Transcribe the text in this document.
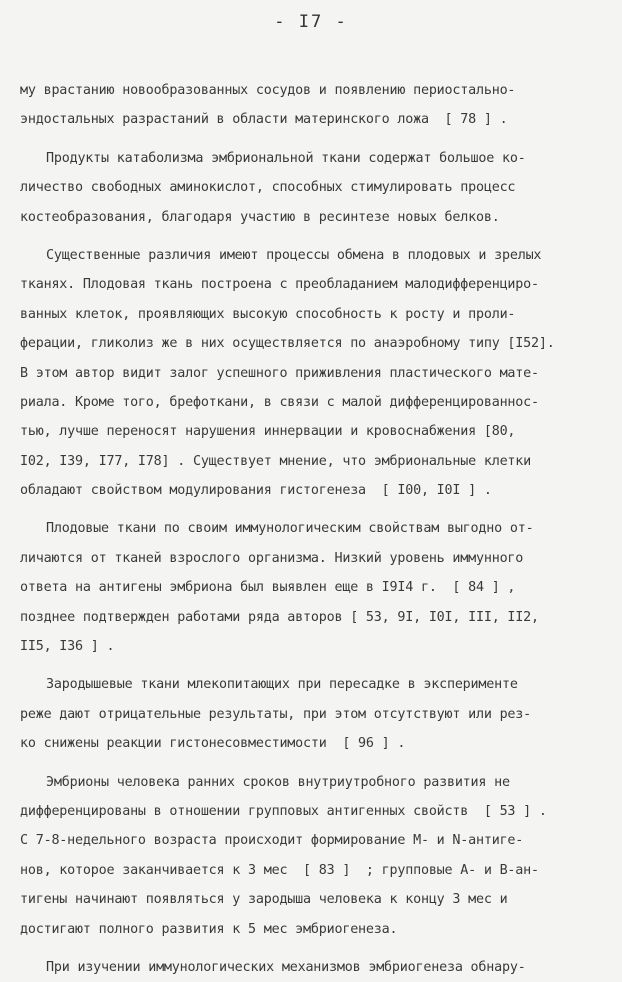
- I7 -
му врастанию новообразованных сосудов и появлению периостально-
эндостальных разрастаний в области материнского ложа  [ 78 ] .
Продукты катаболизма эмбриональной ткани содержат большое ко-
личество свободных аминокислот, способных стимулировать процесс
костеобразования, благодаря участию в ресинтезе новых белков.
Существенные различия имеют процессы обмена в плодовых и зрелых
тканях. Плодовая ткань построена с преобладанием малодифференциро-
ванных клеток, проявляющих высокую способность к росту и проли-
ферации, гликолиз же в них осуществляется по анаэробному типу [I52].
В этом автор видит залог успешного приживления пластического мате-
риала. Кроме того, брефоткани, в связи с малой дифференцированнос-
тью, лучше переносят нарушения иннервации и кровоснабжения [80,
I02, I39, I77, I78] . Существует мнение, что эмбриональные клетки
обладают свойством модулирования гистогенеза  [ I00, I0I ] .
Плодовые ткани по своим иммунологическим свойствам выгодно от-
личаются от тканей взрослого организма. Низкий уровень иммунного
ответа на антигены эмбриона был выявлен еще в I9I4 г.  [ 84 ] ,
позднее подтвержден работами ряда авторов [ 53, 9I, I0I, III, II2,
II5, I36 ] .
Зародышевые ткани млекопитающих при пересадке в эксперименте
реже дают отрицательные результаты, при этом отсутствуют или рез-
ко снижены реакции гистонесовместимости  [ 96 ] .
Эмбрионы человека ранних сроков внутриутробного развития не
дифференцированы в отношении групповых антигенных свойств  [ 53 ] .
С 7-8-недельного возраста происходит формирование М- и N-антиге-
нов, которое заканчивается к 3 мес  [ 83 ]  ; групповые А- и В-ан-
тигены начинают появляться у зародыша человека к концу 3 мес и
достигают полного развития к 5 мес эмбриогенеза.
При изучении иммунологических механизмов эмбриогенеза обнару-
